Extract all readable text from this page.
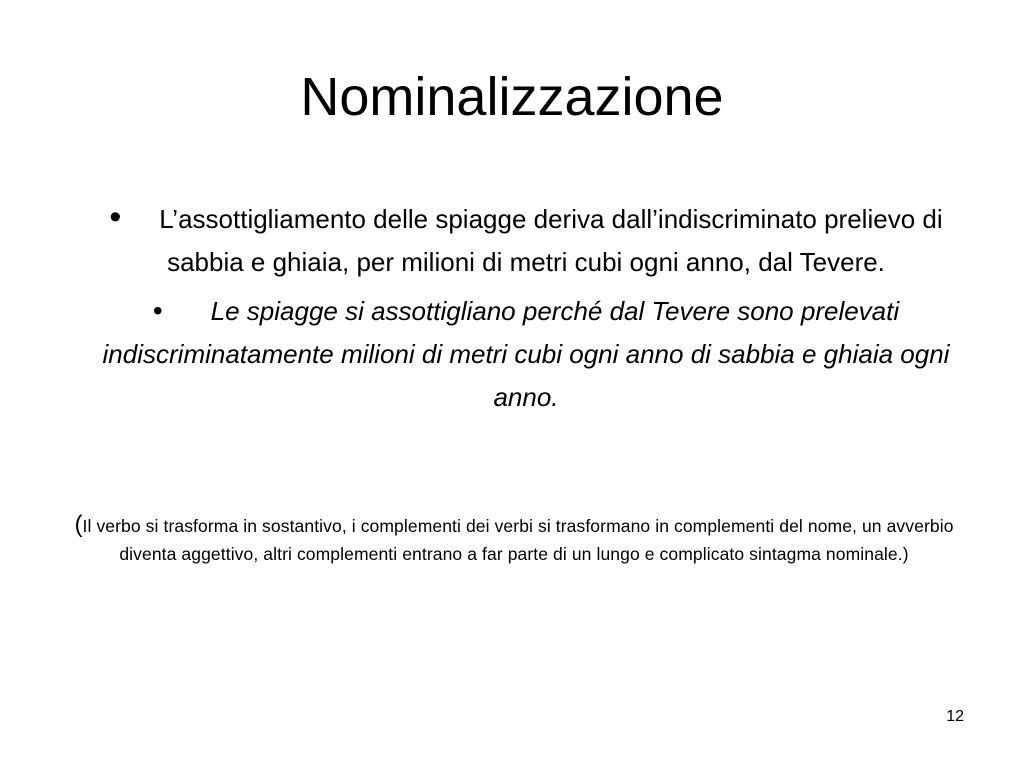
Nominalizzazione
• L’assottigliamento delle spiagge deriva dall’indiscriminato prelievo di sabbia e ghiaia, per milioni di metri cubi ogni anno, dal Tevere.
• Le spiagge si assottigliano perché dal Tevere sono prelevati indiscriminatamente milioni di metri cubi ogni anno di sabbia e ghiaia ogni anno.

(Il verbo si trasforma in sostantivo, i complementi dei verbi si trasformano in complementi del nome, un avverbio diventa aggettivo, altri complementi entrano a far parte di un lungo e complicato sintagma nominale.)

12
